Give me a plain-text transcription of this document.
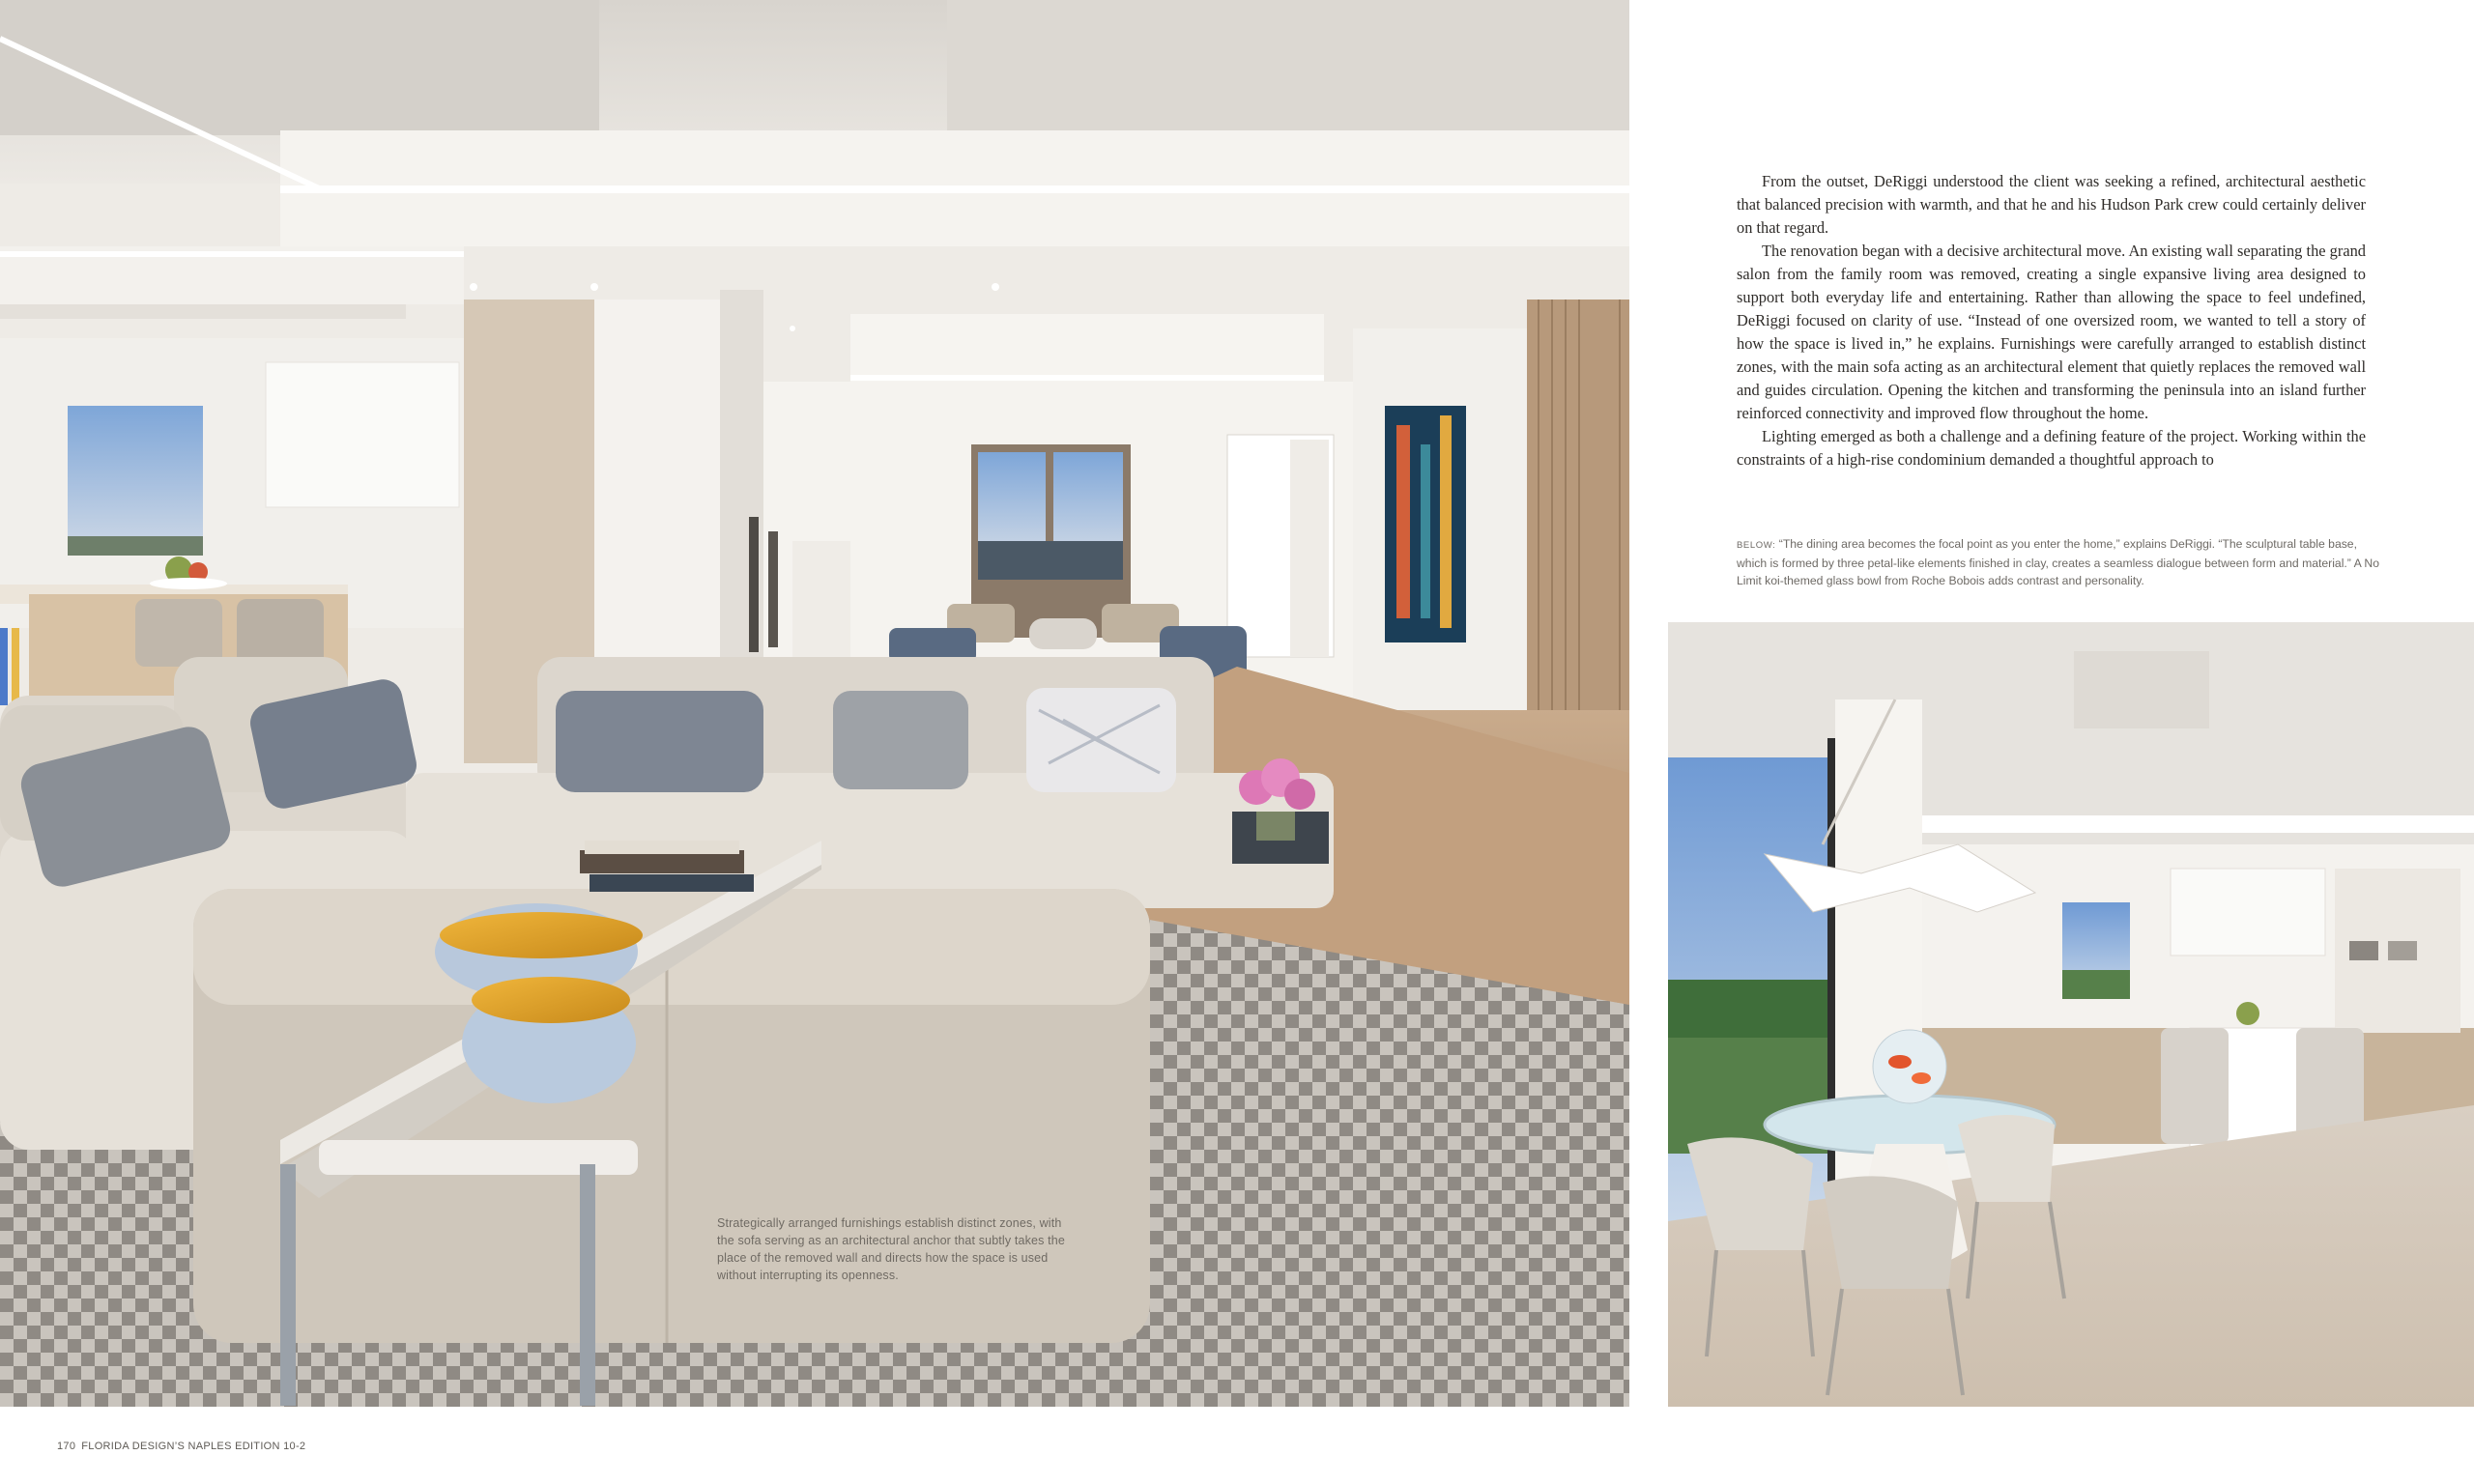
Strategically arranged furnishings establish distinct zones, with the sofa serving as an architectural anchor that subtly takes the place of the removed wall and directs how the space is used without interrupting its openness.

From the outset, DeRiggi understood the client was seeking a refined, architectural aesthetic that balanced precision with warmth, and that he and his Hudson Park crew could certainly deliver on that regard.

The renovation began with a decisive architectural move. An existing wall separating the grand salon from the family room was removed, creating a single expansive living area designed to support both everyday life and entertaining. Rather than allowing the space to feel undefined, DeRiggi focused on clarity of use. “Instead of one oversized room, we wanted to tell a story of how the space is lived in,” he explains. Furnishings were carefully arranged to establish distinct zones, with the main sofa acting as an architectural element that quietly replaces the removed wall and guides circulation. Opening the kitchen and transforming the peninsula into an island further reinforced connectivity and improved flow throughout the home.

Lighting emerged as both a challenge and a defining feature of the project. Working within the constraints of a high-rise condominium demanded a thoughtful approach to

BELOW: “The dining area becomes the focal point as you enter the home,” explains DeRiggi. “The sculptural table base, which is formed by three petal-like elements finished in clay, creates a seamless dialogue between form and material.” A No Limit koi-themed glass bowl from Roche Bobois adds contrast and personality.
170 FLORIDA DESIGN’S NAPLES EDITION 10-2
